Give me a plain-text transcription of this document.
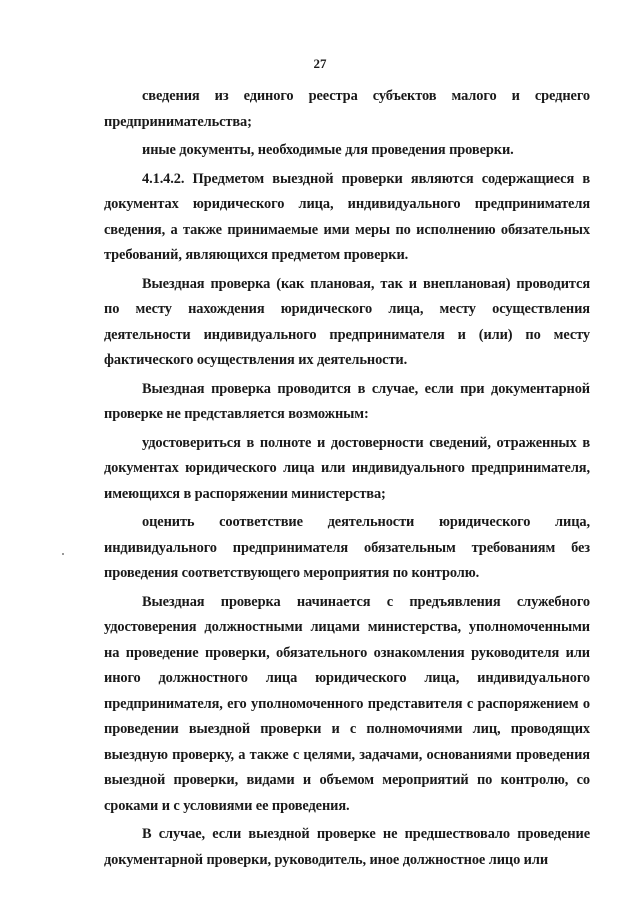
27

сведения из единого реестра субъектов малого и среднего предпринимательства;

иные документы, необходимые для проведения проверки.

4.1.4.2. Предметом выездной проверки являются содержащиеся в документах юридического лица, индивидуального предпринимателя сведения, а также принимаемые ими меры по исполнению обязательных требований, являющихся предметом проверки.

Выездная проверка (как плановая, так и внеплановая) проводится по месту нахождения юридического лица, месту осуществления деятельности индивидуального предпринимателя и (или) по месту фактического осуществления их деятельности.

Выездная проверка проводится в случае, если при документарной проверке не представляется возможным:

удостовериться в полноте и достоверности сведений, отраженных в документах юридического лица или индивидуального предпринимателя, имеющихся в распоряжении министерства;

оценить соответствие деятельности юридического лица, индивидуального предпринимателя обязательным требованиям без проведения соответствующего мероприятия по контролю.

Выездная проверка начинается с предъявления служебного удостоверения должностными лицами министерства, уполномоченными на проведение проверки, обязательного ознакомления руководителя или иного должностного лица юридического лица, индивидуального предпринимателя, его уполномоченного представителя с распоряжением о проведении выездной проверки и с полномочиями лиц, проводящих выездную проверку, а также с целями, задачами, основаниями проведения выездной проверки, видами и объемом мероприятий по контролю, со сроками и с условиями ее проведения.

В случае, если выездной проверке не предшествовало проведение документарной проверки, руководитель, иное должностное лицо или
